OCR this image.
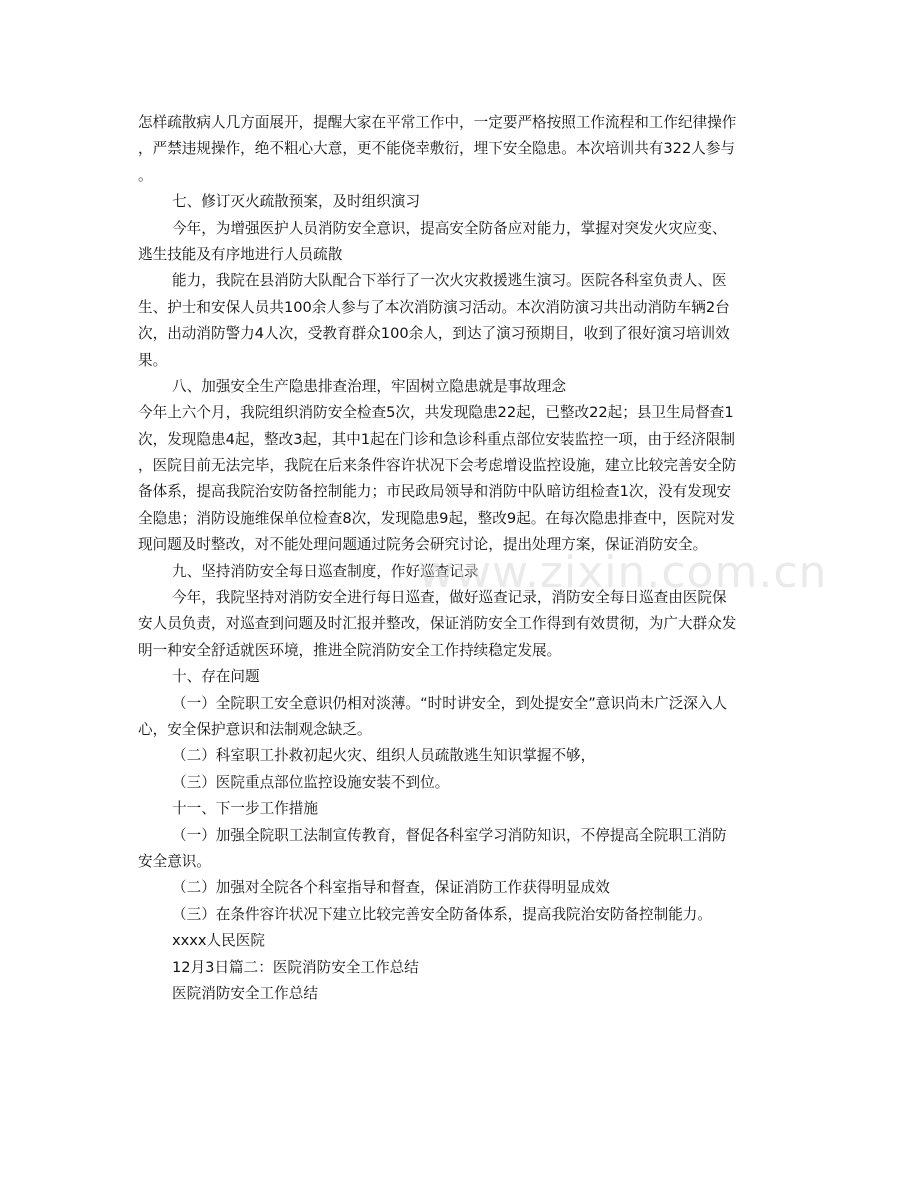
怎样疏散病人几方面展开，提醒大家在平常工作中，一定要严格按照工作流程和工作纪律操作
，严禁违规操作，绝不粗心大意，更不能侥幸敷衍，埋下安全隐患。本次培训共有322人参与
。
七、修订灭火疏散预案，及时组织演习
今年，为增强医护人员消防安全意识，提高安全防备应对能力，掌握对突发火灾应变、
逃生技能及有序地进行人员疏散
能力，我院在县消防大队配合下举行了一次火灾救援逃生演习。医院各科室负责人、医
生、护士和安保人员共100余人参与了本次消防演习活动。本次消防演习共出动消防车辆2台
次，出动消防警力4人次，受教育群众100余人，到达了演习预期目，收到了很好演习培训效
果。
八、加强安全生产隐患排查治理，牢固树立隐患就是事故理念
今年上六个月，我院组织消防安全检查5次，共发现隐患22起，已整改22起；县卫生局督查1
次，发现隐患4起，整改3起，其中1起在门诊和急诊科重点部位安装监控一项，由于经济限制
，医院目前无法完毕，我院在后来条件容许状况下会考虑增设监控设施，建立比较完善安全防
备体系，提高我院治安防备控制能力；市民政局领导和消防中队暗访组检查1次，没有发现安
全隐患；消防设施维保单位检查8次，发现隐患9起，整改9起。在每次隐患排查中，医院对发
现问题及时整改，对不能处理问题通过院务会研究讨论，提出处理方案，保证消防安全。
九、坚持消防安全每日巡查制度，作好巡查记录
今年，我院坚持对消防安全进行每日巡查，做好巡查记录，消防安全每日巡查由医院保
安人员负责，对巡查到问题及时汇报并整改，保证消防安全工作得到有效贯彻，为广大群众发
明一种安全舒适就医环境，推进全院消防安全工作持续稳定发展。
十、存在问题
（一）全院职工安全意识仍相对淡薄。“时时讲安全，到处提安全”意识尚未广泛深入人
心，安全保护意识和法制观念缺乏。
（二）科室职工扑救初起火灾、组织人员疏散逃生知识掌握不够，
（三）医院重点部位监控设施安装不到位。
十一、下一步工作措施
（一）加强全院职工法制宣传教育，督促各科室学习消防知识，不停提高全院职工消防
安全意识。
（二）加强对全院各个科室指导和督查，保证消防工作获得明显成效
（三）在条件容许状况下建立比较完善安全防备体系，提高我院治安防备控制能力。
xxxx人民医院
12月3日篇二：医院消防安全工作总结
医院消防安全工作总结
www.zixin.com.cn
